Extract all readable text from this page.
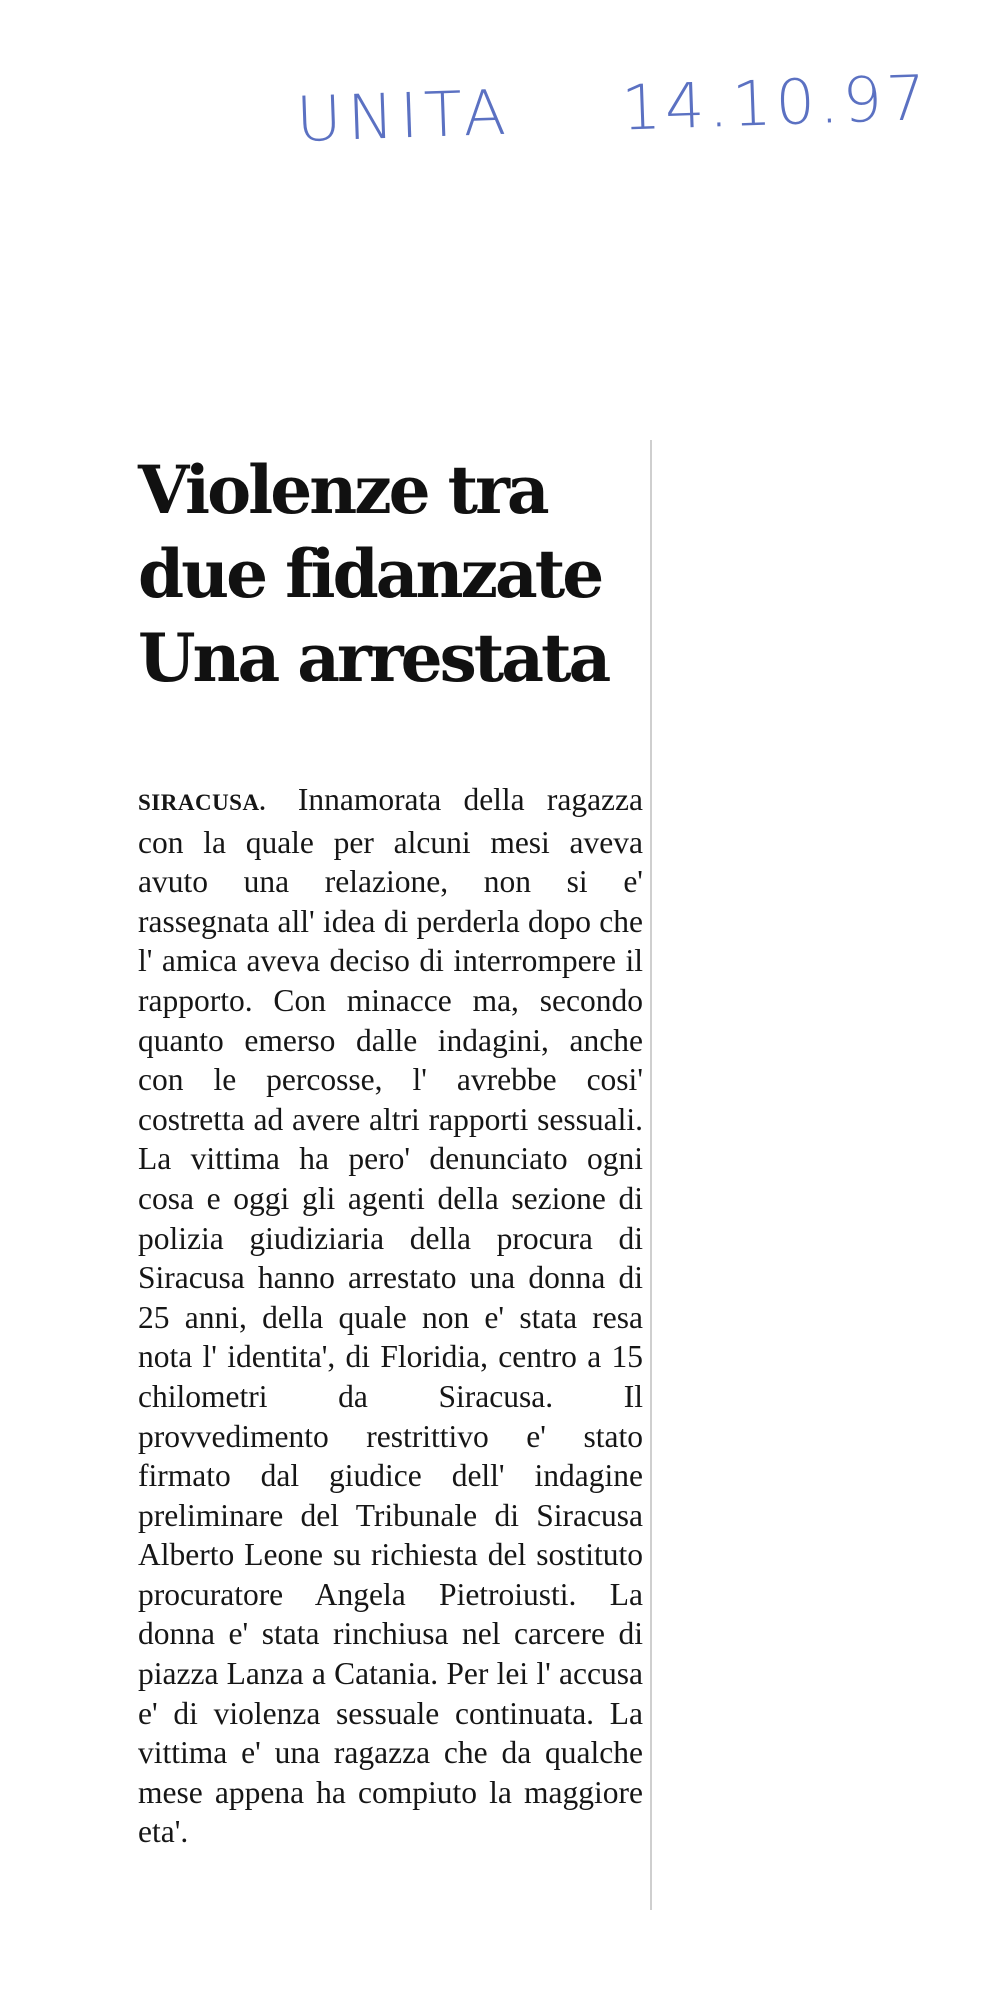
UNITA 14.10.97
Violenze tra
due fidanzate
Una arrestata

SIRACUSA. Innamorata della ragazza con la quale per alcuni mesi aveva avuto una relazione, non si e' rassegnata all' idea di perderla dopo che l' amica aveva deciso di interrompere il rapporto. Con minacce ma, secondo quanto emerso dalle indagini, anche con le percosse, l' avrebbe cosi' costretta ad avere altri rapporti sessuali. La vittima ha pero' denunciato ogni cosa e oggi gli agenti della sezione di polizia giudiziaria della procura di Siracusa hanno arrestato una donna di 25 anni, della quale non e' stata resa nota l' identita', di Floridia, centro a 15 chilometri da Siracusa. Il provvedimento restrittivo e' stato firmato dal giudice dell' indagine preliminare del Tribunale di Siracusa Alberto Leone su richiesta del sostituto procuratore Angela Pietroiusti. La donna e' stata rinchiusa nel carcere di piazza Lanza a Catania. Per lei l' accusa e' di violenza sessuale continuata. La vittima e' una ragazza che da qualche mese appena ha compiuto la maggiore eta'.
